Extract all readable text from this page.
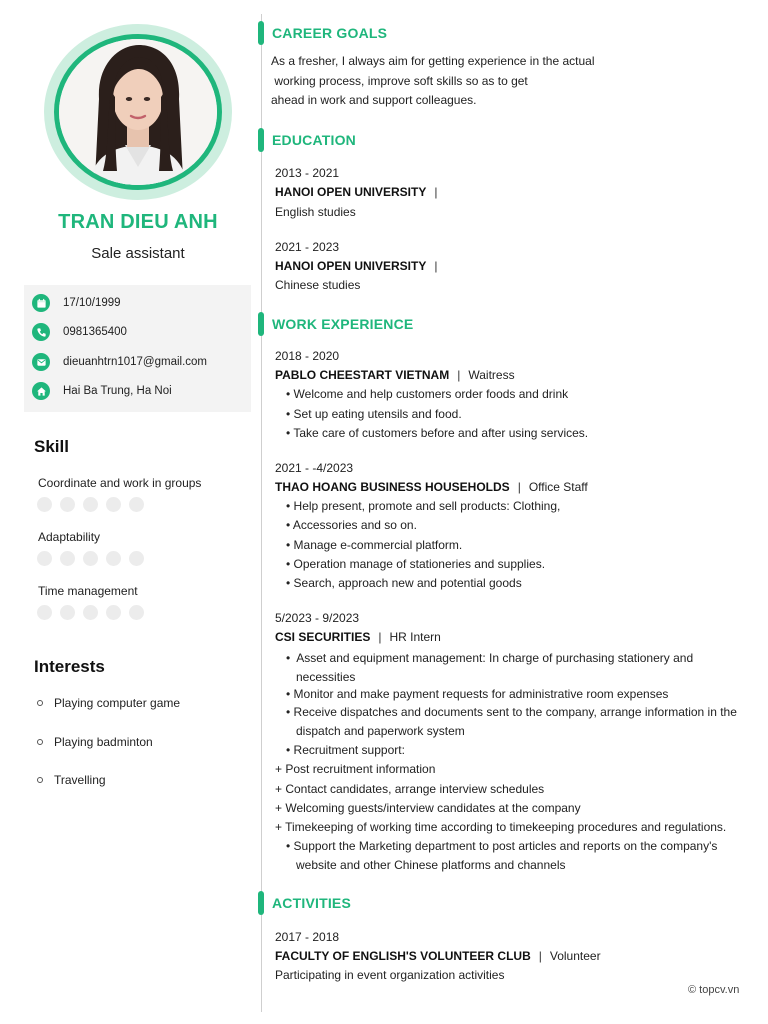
TRAN DIEU ANH
Sale assistant
17/10/1999
0981365400
dieuanhtrn1017@gmail.com
Hai Ba Trung, Ha Noi
Skill
Coordinate and work in groups
Adaptability
Time management
Interests
Playing computer game
Playing badminton
Travelling
CAREER GOALS
As a fresher, I always aim for getting experience in the actual
working process, improve soft skills so as to get
ahead in work and support colleagues.
EDUCATION
2013 - 2021
HANOI OPEN UNIVERSITY |
English studies
2021 - 2023
HANOI OPEN UNIVERSITY |
Chinese studies
WORK EXPERIENCE
2018 - 2020
PABLO CHEESTART VIETNAM | Waitress
• Welcome and help customers order foods and drink
• Set up eating utensils and food.
• Take care of customers before and after using services.
2021 - -4/2023
THAO HOANG BUSINESS HOUSEHOLDS | Office Staff
• Help present, promote and sell products: Clothing,
• Accessories and so on.
• Manage e-commercial platform.
• Operation manage of stationeries and supplies.
• Search, approach new and potential goods
5/2023 - 9/2023
CSI SECURITIES | HR Intern
•  Asset and equipment management: In charge of purchasing stationery and
necessities
• Monitor and make payment requests for administrative room expenses
• Receive dispatches and documents sent to the company, arrange information in the
dispatch and paperwork system
• Recruitment support:
+ Post recruitment information
+ Contact candidates, arrange interview schedules
+ Welcoming guests/interview candidates at the company
+ Timekeeping of working time according to timekeeping procedures and regulations.
• Support the Marketing department to post articles and reports on the company's
website and other Chinese platforms and channels
ACTIVITIES
2017 - 2018
FACULTY OF ENGLISH'S VOLUNTEER CLUB | Volunteer
Participating in event organization activities
© topcv.vn
